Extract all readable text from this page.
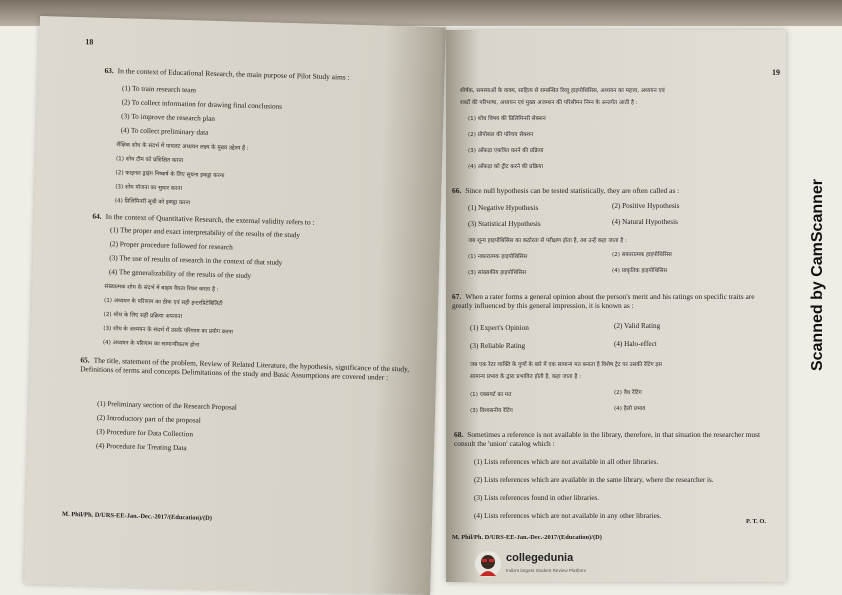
18
63. In the context of Educational Research, the main purpose of Pilot Study aims :
(1) To train research team
(2) To collect information for drawing final conclusions
(3) To improve the research plan
(4) To collect preliminary data
शैक्षिक शोध के संदर्भ में पायलट अध्ययन लक्ष्य के मुख्य उद्देश्य हैं :
(1) शोध टीम को प्रशिक्षित करना
(2) फाइनल ड्राइंग निष्कर्ष के लिए सूचना इकट्ठा करना
(3) शोध योजना का सुधार करना
(4) प्रिलिमिनरी सूची को इकट्ठा करना
64. In the context of Quantitative Research, the external validity refers to :
(1) The proper and exact interpretability of the results of the study
(2) Proper procedure followed for research
(3) The use of results of research in the context of that study
(4) The generalizability of the results of the study
संख्यात्मक शोध के संदर्भ में बाहय वैधता रिफर करता है :
(1) अध्ययन के परिणाम का ठीक एवं सही इन्टरप्रिटेबिलिटी
(2) शोध के लिए सही प्रक्रिया अपनाना
(3) शोध के अध्ययन के संदर्भ में उसके परिणाम का प्रयोग करना
(4) अध्ययन के परिणाम का सामान्यीकरण होना
65. The title, statement of the problem, Review of Related Literature, the hypothesis, significance of the study, Definitions of terms and concepts Delimitations of the study and Basic Assumptions are covered under :
(1) Preliminary section of the Research Proposal
(2) Introductory part of the proposal
(3) Procedure for Data Collection
(4) Procedure for Treating Data
M. Phil/Ph. D/URS-EE-Jan.-Dec.-2017/(Education)/(D)
19
शीर्षक, समस्याओं के वाक्य, साहित्य से सम्बन्धित रिव्यू हाइपोथिसिस, अध्ययन का महत्त्व, अध्ययन एवं
शब्दों की परिभाषा, अध्ययन एवं मुख्य अजम्शन की परिसीमन निम्न के अन्तर्गत आती है :
(1) शोध विषय की प्रिलिमिनरी सेक्शन
(2) प्रोपोसल की परिचय सेक्शन
(3) आँकड़ा एकत्रित करने की प्रक्रिया
(4) आँकड़ा को ट्रीट करने की प्रक्रिया
66. Since null hypothesis can be tested statistically, they are often called as :
(1) Negative Hypothesis	(2) Positive Hypothesis
(3) Statistical Hypothesis	(4) Natural Hypothesis
जब शून्य हाइपोथिसिस का कठोरता से परीक्षण होता है, तब उन्हें कहा जाता है :
(1) नकारात्मक हाइपोथिसिस	(2) सकारात्मक हाइपोथिसिस
(3) सांख्यकीय हाइपोथिसिस	(4) प्राकृतिक हाइपोथिसिस
67. When a rater forms a general opinion about the person's merit and his ratings on specific traits are greatly influenced by this general impression, it is known as :
(1) Expert's Opinion	(2) Valid Rating
(3) Reliable Rating	(4) Halo-effect
जब एक रेटर व्यक्ति के गुणों के बारे में एक सामान्य मत बनाता है विशेष ट्रेट पर उसकी रेटिंग इस
सामान्य प्रभाव के द्वारा प्रभावित होती है, कहा जाता है :
(1) एक्सपर्ट का मत	(2) वैध रेटिंग
(3) विश्वसनीय रेटिंग	(4) हैलो प्रभाव
68. Sometimes a reference is not available in the library, therefore, in that situation the researcher must consult the 'union' catalog which :
(1) Lists references which are not available in all other libraries.
(2) Lists references which are available in the same library, where the researcher is.
(3) Lists references found in other libraries.
(4) Lists references which are not available in any other libraries.
M. Phil/Ph. D/URS-EE-Jan.-Dec.-2017/(Education)/(D)
P. T. O.
Scanned by CamScanner
collegedunia
India's largest Student Review Platform
